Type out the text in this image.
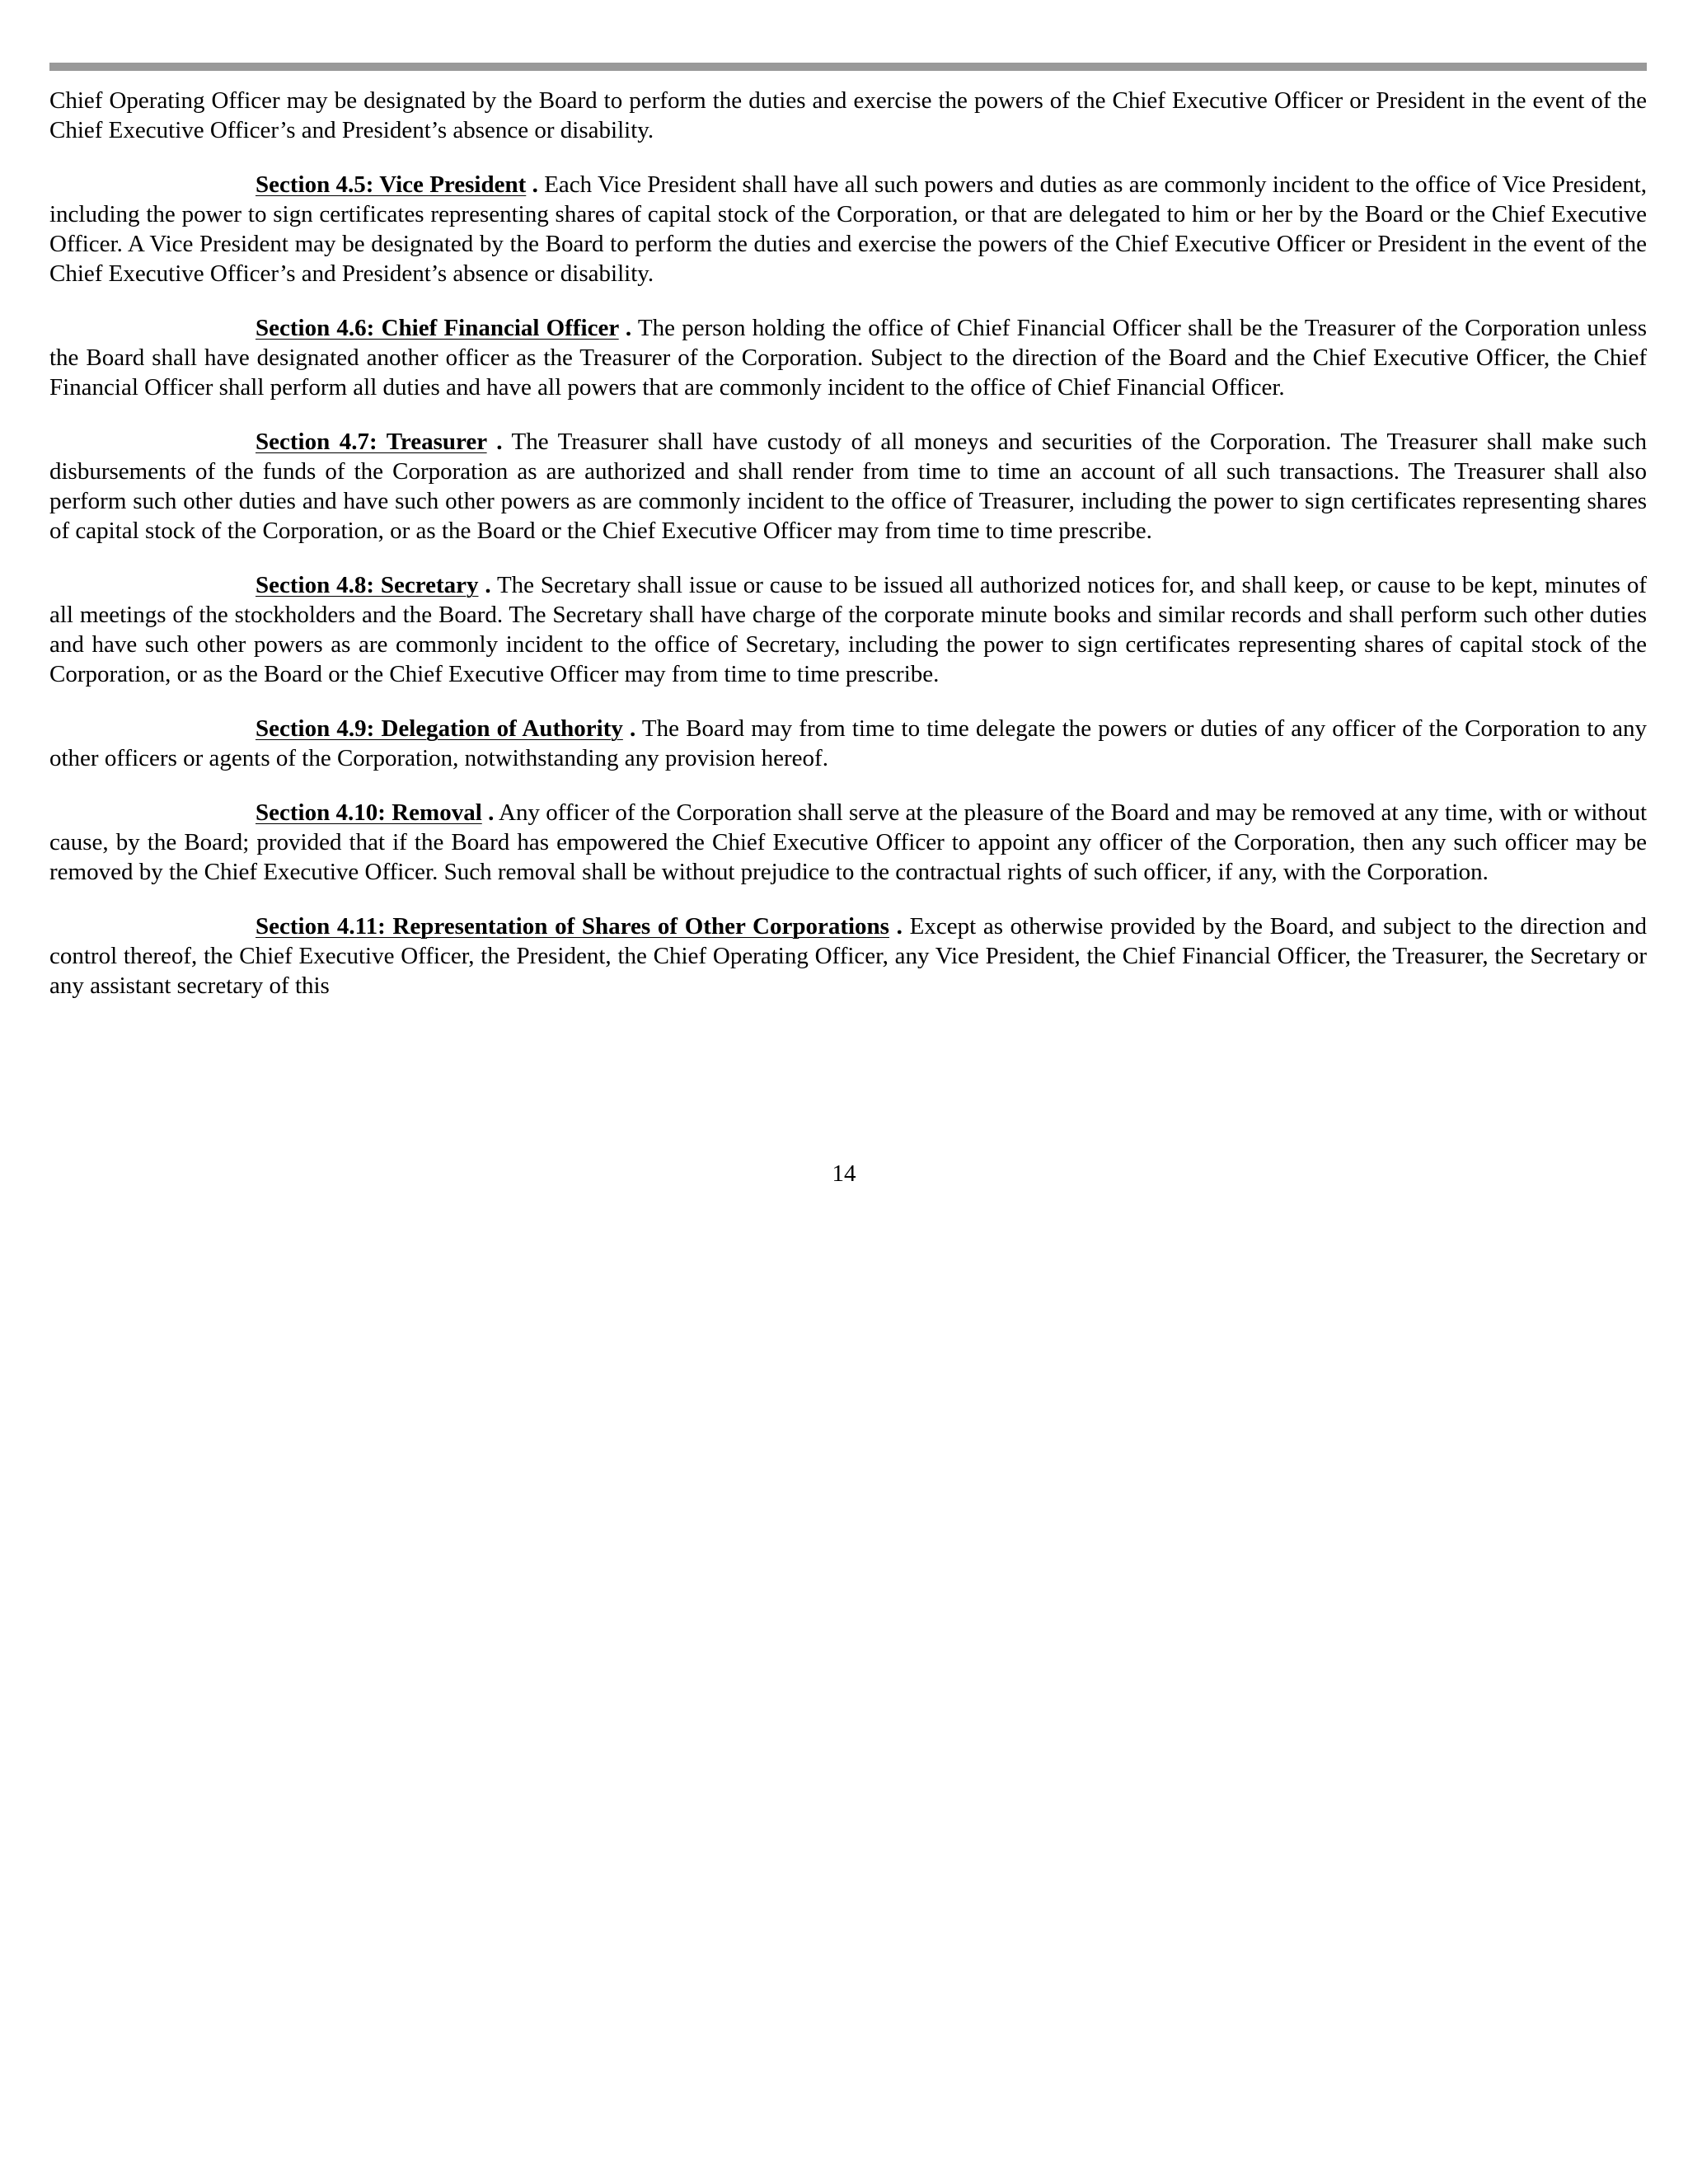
Chief Operating Officer may be designated by the Board to perform the duties and exercise the powers of the Chief Executive Officer or President in the event of the Chief Executive Officer’s and President’s absence or disability.

Section 4.5: Vice President . Each Vice President shall have all such powers and duties as are commonly incident to the office of Vice President, including the power to sign certificates representing shares of capital stock of the Corporation, or that are delegated to him or her by the Board or the Chief Executive Officer. A Vice President may be designated by the Board to perform the duties and exercise the powers of the Chief Executive Officer or President in the event of the Chief Executive Officer’s and President’s absence or disability.

Section 4.6: Chief Financial Officer . The person holding the office of Chief Financial Officer shall be the Treasurer of the Corporation unless the Board shall have designated another officer as the Treasurer of the Corporation. Subject to the direction of the Board and the Chief Executive Officer, the Chief Financial Officer shall perform all duties and have all powers that are commonly incident to the office of Chief Financial Officer.

Section 4.7: Treasurer . The Treasurer shall have custody of all moneys and securities of the Corporation. The Treasurer shall make such disbursements of the funds of the Corporation as are authorized and shall render from time to time an account of all such transactions. The Treasurer shall also perform such other duties and have such other powers as are commonly incident to the office of Treasurer, including the power to sign certificates representing shares of capital stock of the Corporation, or as the Board or the Chief Executive Officer may from time to time prescribe.

Section 4.8: Secretary . The Secretary shall issue or cause to be issued all authorized notices for, and shall keep, or cause to be kept, minutes of all meetings of the stockholders and the Board. The Secretary shall have charge of the corporate minute books and similar records and shall perform such other duties and have such other powers as are commonly incident to the office of Secretary, including the power to sign certificates representing shares of capital stock of the Corporation, or as the Board or the Chief Executive Officer may from time to time prescribe.

Section 4.9: Delegation of Authority . The Board may from time to time delegate the powers or duties of any officer of the Corporation to any other officers or agents of the Corporation, notwithstanding any provision hereof.

Section 4.10: Removal . Any officer of the Corporation shall serve at the pleasure of the Board and may be removed at any time, with or without cause, by the Board; provided that if the Board has empowered the Chief Executive Officer to appoint any officer of the Corporation, then any such officer may be removed by the Chief Executive Officer. Such removal shall be without prejudice to the contractual rights of such officer, if any, with the Corporation.

Section 4.11: Representation of Shares of Other Corporations . Except as otherwise provided by the Board, and subject to the direction and control thereof, the Chief Executive Officer, the President, the Chief Operating Officer, any Vice President, the Chief Financial Officer, the Treasurer, the Secretary or any assistant secretary of this

14
